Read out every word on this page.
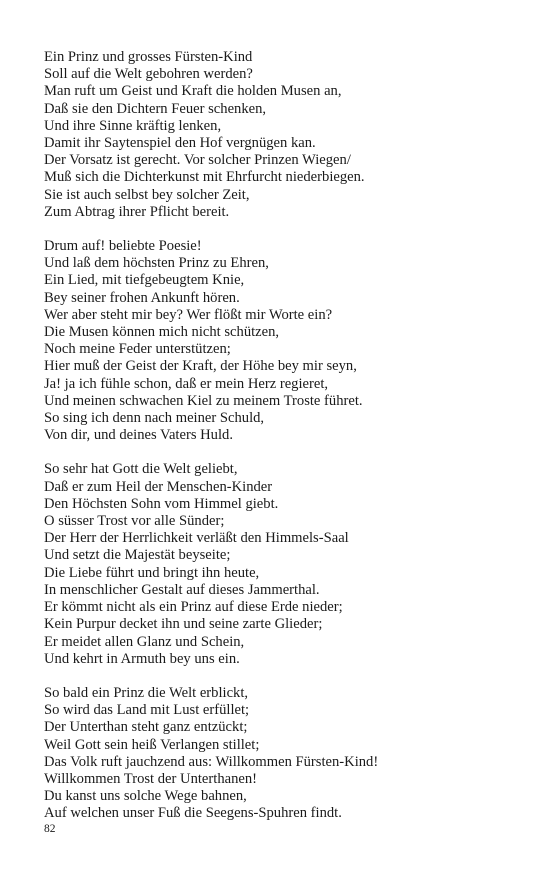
Ein Prinz und grosses Fürsten-Kind
Soll auf die Welt gebohren werden?
Man ruft um Geist und Kraft die holden Musen an,
Daß sie den Dichtern Feuer schenken,
Und ihre Sinne kräftig lenken,
Damit ihr Saytenspiel den Hof vergnügen kan.
Der Vorsatz ist gerecht. Vor solcher Prinzen Wiegen/
Muß sich die Dichterkunst mit Ehrfurcht niederbiegen.
Sie ist auch selbst bey solcher Zeit,
Zum Abtrag ihrer Pflicht bereit.
Drum auf! beliebte Poesie!
Und laß dem höchsten Prinz zu Ehren,
Ein Lied, mit tiefgebeugtem Knie,
Bey seiner frohen Ankunft hören.
Wer aber steht mir bey? Wer flößt mir Worte ein?
Die Musen können mich nicht schützen,
Noch meine Feder unterstützen;
Hier muß der Geist der Kraft, der Höhe bey mir seyn,
Ja! ja ich fühle schon, daß er mein Herz regieret,
Und meinen schwachen Kiel zu meinem Troste führet.
So sing ich denn nach meiner Schuld,
Von dir, und deines Vaters Huld.
So sehr hat Gott die Welt geliebt,
Daß er zum Heil der Menschen-Kinder
Den Höchsten Sohn vom Himmel giebt.
O süsser Trost vor alle Sünder;
Der Herr der Herrlichkeit verläßt den Himmels-Saal
Und setzt die Majestät beyseite;
Die Liebe führt und bringt ihn heute,
In menschlicher Gestalt auf dieses Jammerthal.
Er kömmt nicht als ein Prinz auf diese Erde nieder;
Kein Purpur decket ihn und seine zarte Glieder;
Er meidet allen Glanz und Schein,
Und kehrt in Armuth bey uns ein.
So bald ein Prinz die Welt erblickt,
So wird das Land mit Lust erfüllet;
Der Unterthan steht ganz entzückt;
Weil Gott sein heiß Verlangen stillet;
Das Volk ruft jauchzend aus: Willkommen Fürsten-Kind!
Willkommen Trost der Unterthanen!
Du kanst uns solche Wege bahnen,
Auf welchen unser Fuß die Seegens-Spuhren findt.
82
